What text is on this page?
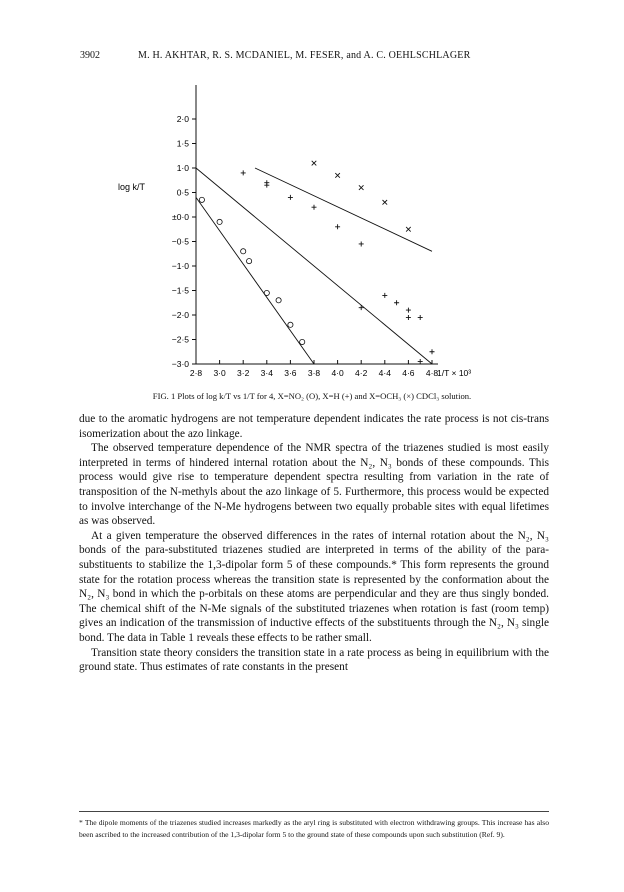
3902	M. H. AKHTAR, R. S. MCDANIEL, M. FESER, and A. C. OEHLSCHLAGER
log k/T
2·0
1·5
1·0
0·5
±0·0
−0·5
−1·0
−1·5
−2·0
−2·5
−3·0
2·8 3·0 3·2 3·4 3·6 3·8 4·0 4·2 4·4 4·6 4·8
1/T × 10³
FIG. 1 Plots of log k/T vs 1/T for 4, X=NO₂ (O), X=H (+) and X=OCH₃ (×) CDCl₃ solution.

due to the aromatic hydrogens are not temperature dependent indicates the rate process is not cis-trans isomerization about the azo linkage.

The observed temperature dependence of the NMR spectra of the triazenes studied is most easily interpreted in terms of hindered internal rotation about the N₂, N₃ bonds of these compounds. This process would give rise to temperature dependent spectra resulting from variation in the rate of transposition of the N-methyls about the azo linkage of 5. Furthermore, this process would be expected to involve interchange of the N-Me hydrogens between two equally probable sites with equal lifetimes as was observed.

At a given temperature the observed differences in the rates of internal rotation about the N₂, N₃ bonds of the para-substituted triazenes studied are interpreted in terms of the ability of the para-substituents to stabilize the 1,3-dipolar form 5 of these compounds.* This form represents the ground state for the rotation process whereas the transition state is represented by the conformation about the N₂, N₃ bond in which the p-orbitals on these atoms are perpendicular and they are thus singly bonded. The chemical shift of the N-Me signals of the substituted triazenes when rotation is fast (room temp) gives an indication of the transmission of inductive effects of the substituents through the N₂, N₃ single bond. The data in Table 1 reveals these effects to be rather small.

Transition state theory considers the transition state in a rate process as being in equilibrium with the ground state. Thus estimates of rate constants in the present

* The dipole moments of the triazenes studied increases markedly as the aryl ring is substituted with electron withdrawing groups. This increase has also been ascribed to the increased contribution of the 1,3-dipolar form 5 to the ground state of these compounds upon such substitution (Ref. 9).
